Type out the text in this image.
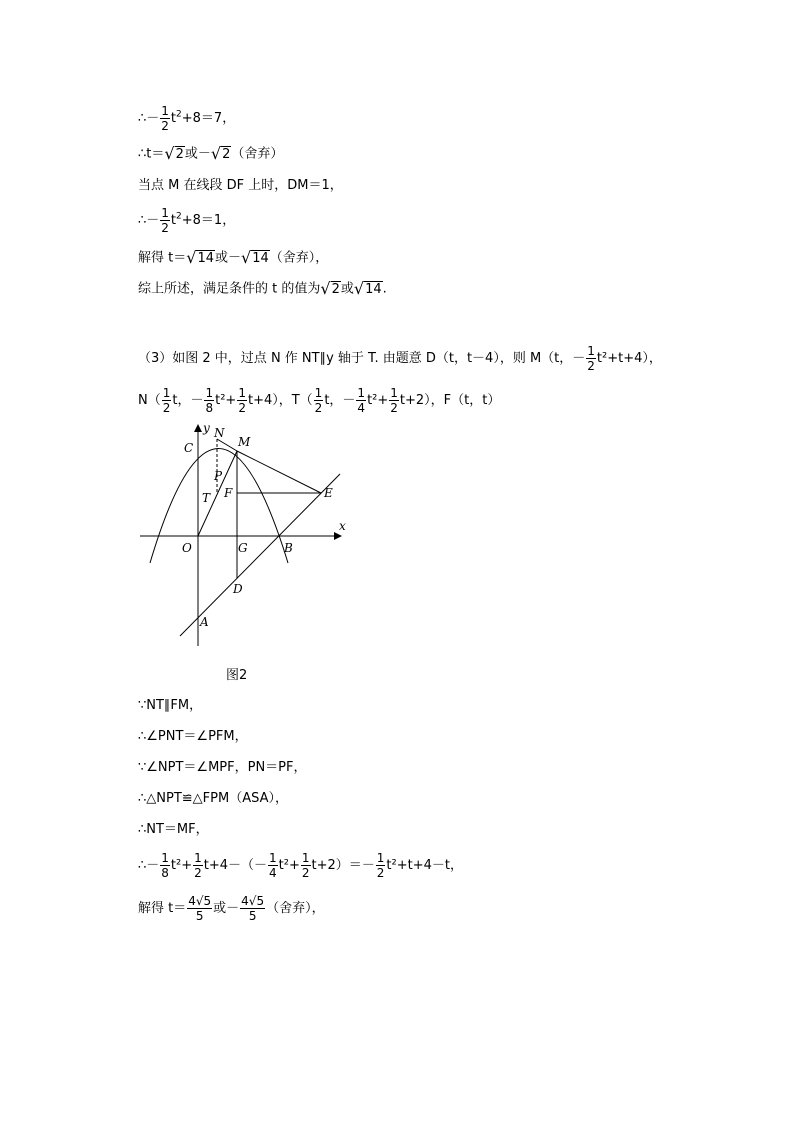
∴－ $\frac{1}{2} t^2+8=7$，
∴t＝ √ 2 或－ √ 2 （舍弃）
当点 M 在线段 DF 上时，DM＝1，
∴－ $\frac{1}{2} t^2+8=1$，
解得 t＝ √ 14 或－ √ 14 （舍弃），
综上所述，满足条件的 t 的值为 √ 2 或 √ 14 .
（3）如图 2 中，过点 N 作 NT∥y 轴于 T. 由题意 D（t，t－4），则 M（t，－ $\frac{1}{2} t^2+t+4$），
$N( \frac{1}{2}$ t，－ $\frac{1}{8} t^2+ \frac{1}{2} t+4$），$T( \frac{1}{2}$ t，－ $\frac{1}{4} t^2+ \frac{1}{2} t+2$），F（t，t）
y N
M
C
P
T F	E
x
O	G	B
D
A
图2
∵NT∥FM，
∴∠PNT＝∠PFM，
∵∠NPT＝∠MPF，PN＝PF，
∴△NPT≌△FPM（ASA），
∴NT＝MF，
∴－ $\frac{1}{8} t^2+ \frac{1}{2} t+4-(- \frac{1}{4} t^2+ \frac{1}{2} t+2)=- \frac{1}{2} t^2+t+4-t$，
解得 $t= \frac{4√5}{5}$ 或－ $\frac{4√5}{5}$ （舍弃），
